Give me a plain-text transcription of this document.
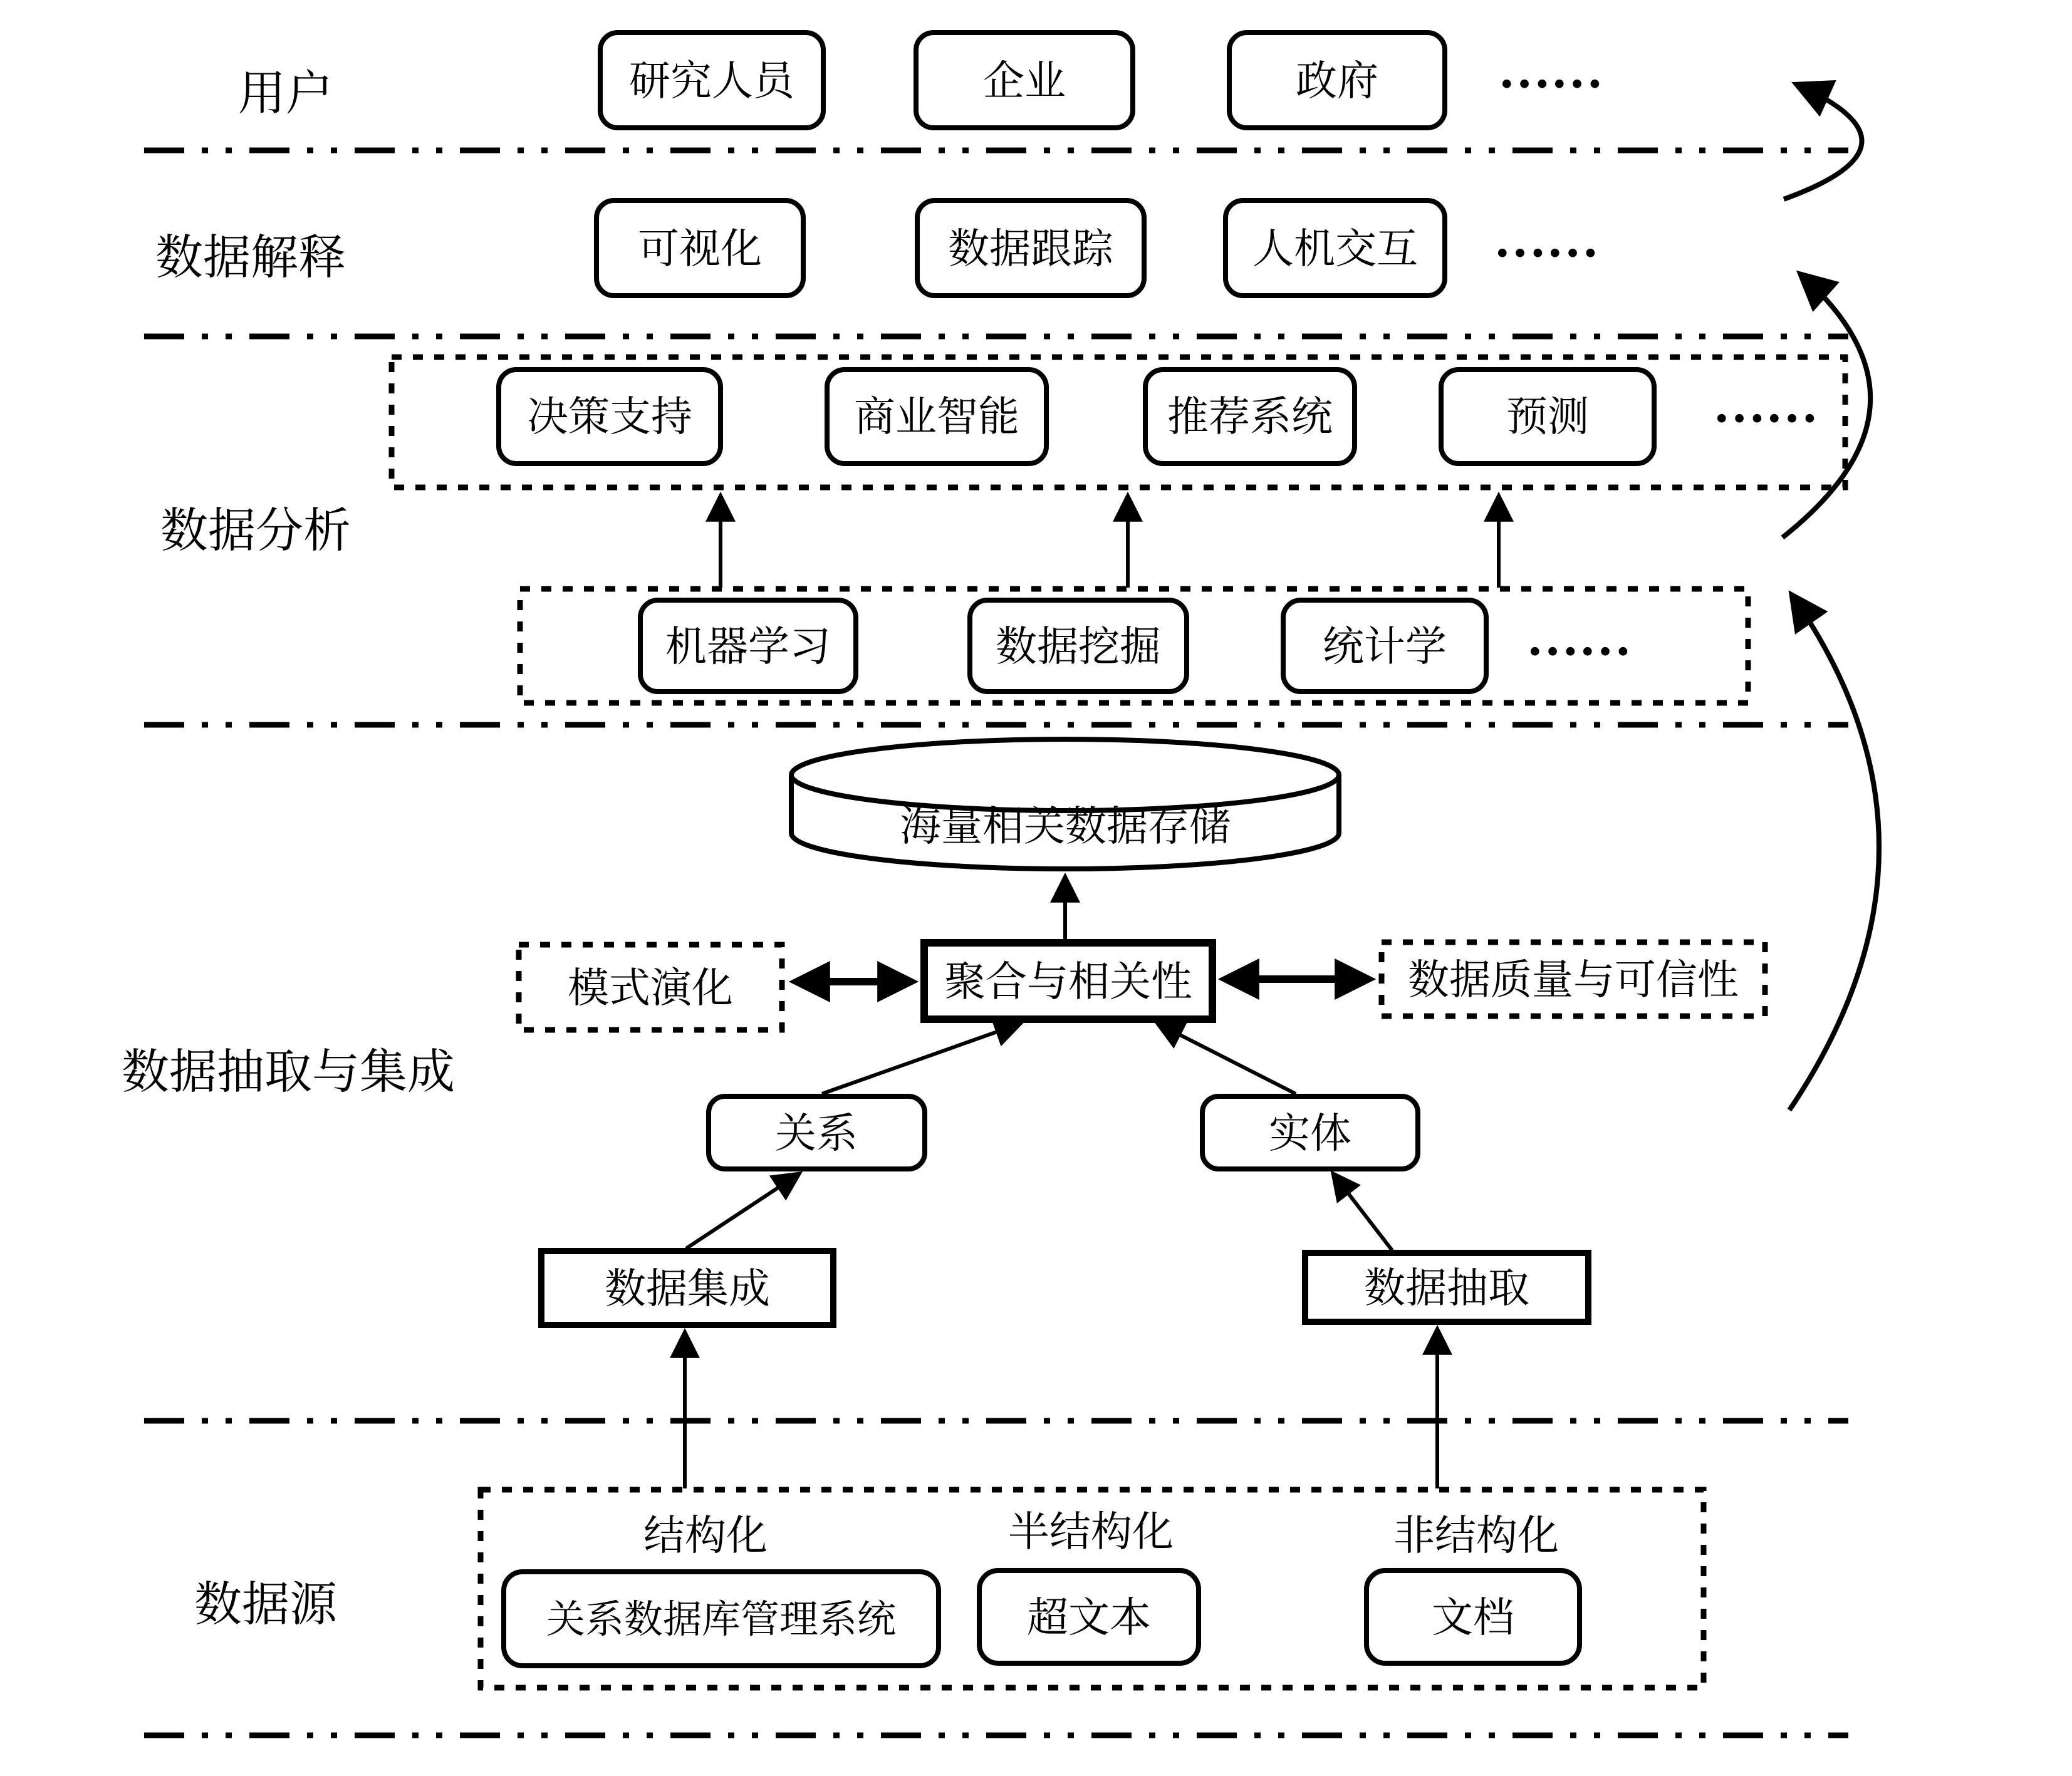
用户
数据解释
数据分析
数据抽取与集成
数据源
研究人员	企业	政府 ……
可视化	数据跟踪	人机交互 ……
决策支持	商业智能	推荐系统	预测 ……
机器学习	数据挖掘	统计学 ……
海量相关数据存储
聚合与相关性
模式演化	数据质量与可信性
关系	实体
数据集成	数据抽取
结构化
关系数据库管理系统
半结构化
超文本
非结构化
文档
